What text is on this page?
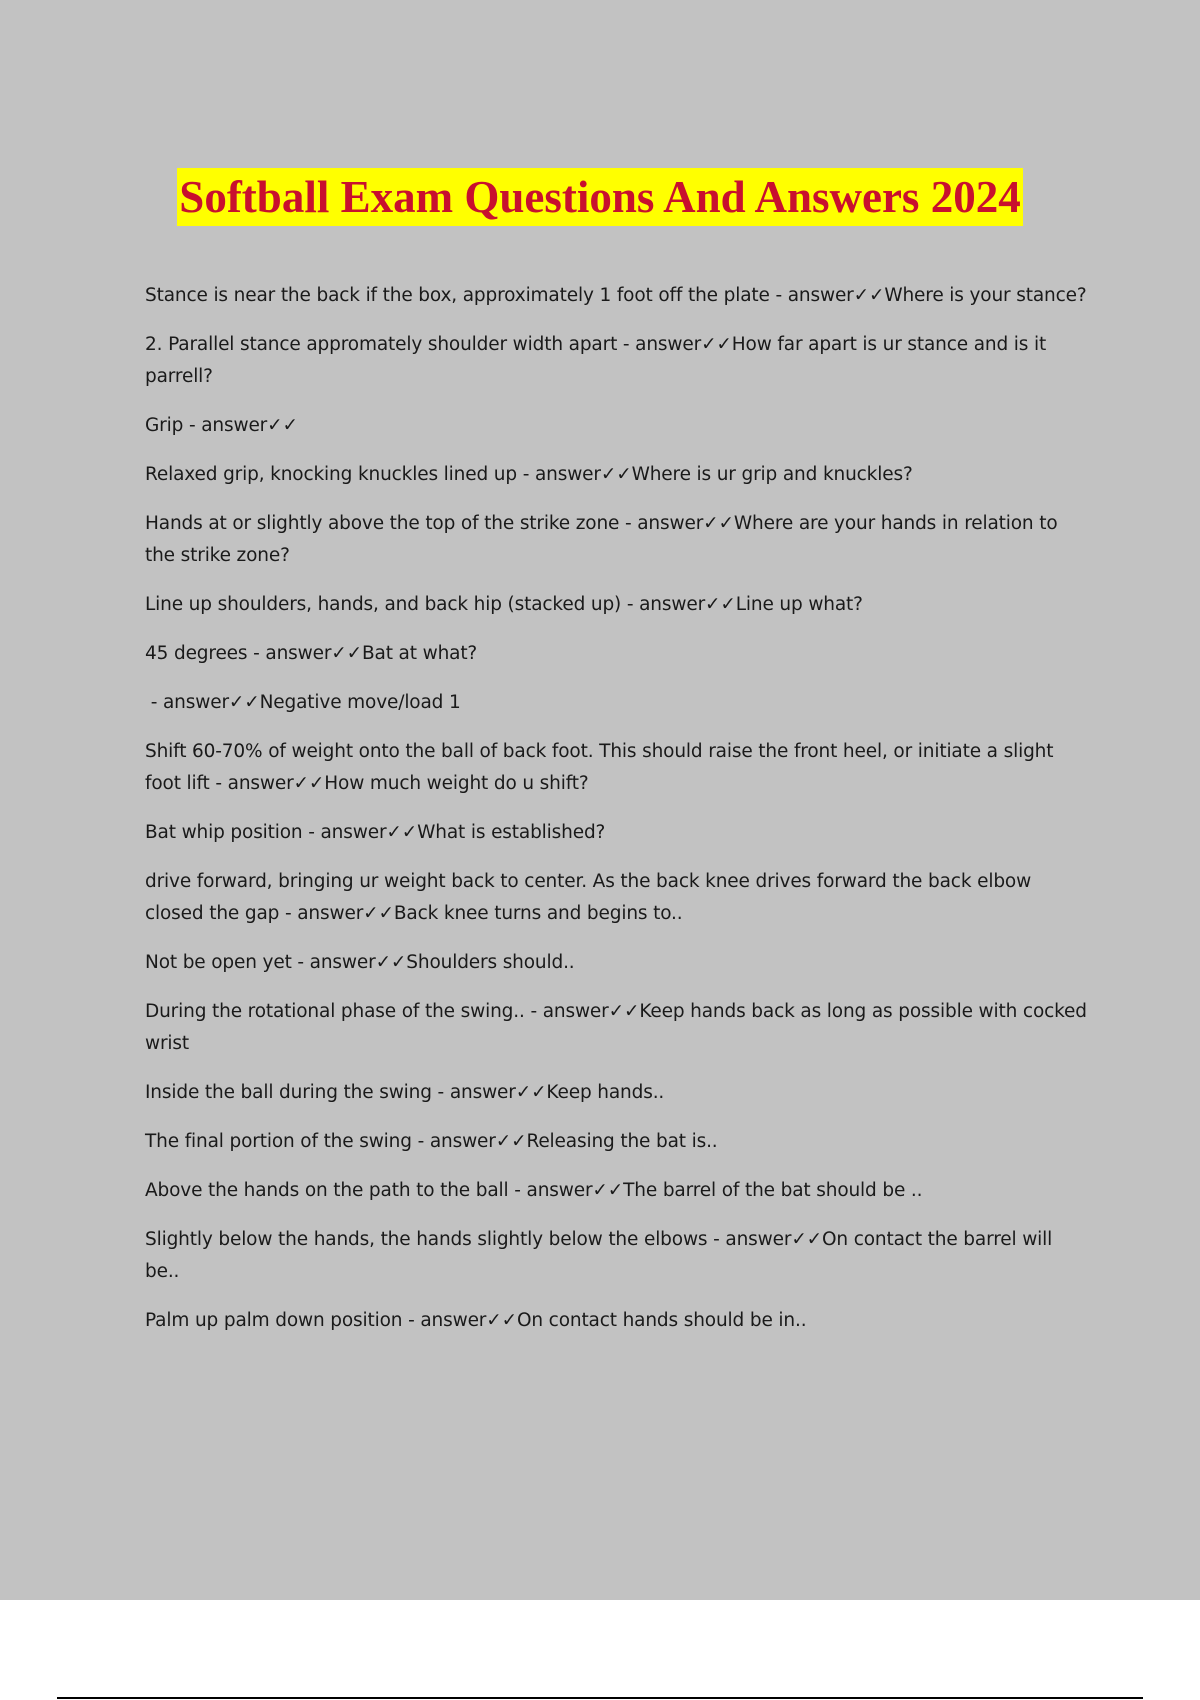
Softball Exam Questions And Answers 2024

Stance is near the back if the box, approximately 1 foot off the plate - answer✓✓Where is your stance?

2. Parallel stance appromately shoulder width apart - answer✓✓How far apart is ur stance and is it parrell?

Grip - answer✓✓

Relaxed grip, knocking knuckles lined up - answer✓✓Where is ur grip and knuckles?

Hands at or slightly above the top of the strike zone - answer✓✓Where are your hands in relation to the strike zone?

Line up shoulders, hands, and back hip (stacked up) - answer✓✓Line up what?

45 degrees - answer✓✓Bat at what?

- answer✓✓Negative move/load 1

Shift 60-70% of weight onto the ball of back foot. This should raise the front heel, or initiate a slight foot lift - answer✓✓How much weight do u shift?

Bat whip position - answer✓✓What is established?

drive forward, bringing ur weight back to center. As the back knee drives forward the back elbow closed the gap - answer✓✓Back knee turns and begins to..

Not be open yet - answer✓✓Shoulders should..

During the rotational phase of the swing.. - answer✓✓Keep hands back as long as possible with cocked wrist

Inside the ball during the swing - answer✓✓Keep hands..

The final portion of the swing - answer✓✓Releasing the bat is..

Above the hands on the path to the ball - answer✓✓The barrel of the bat should be ..

Slightly below the hands, the hands slightly below the elbows - answer✓✓On contact the barrel will be..

Palm up palm down position - answer✓✓On contact hands should be in..
